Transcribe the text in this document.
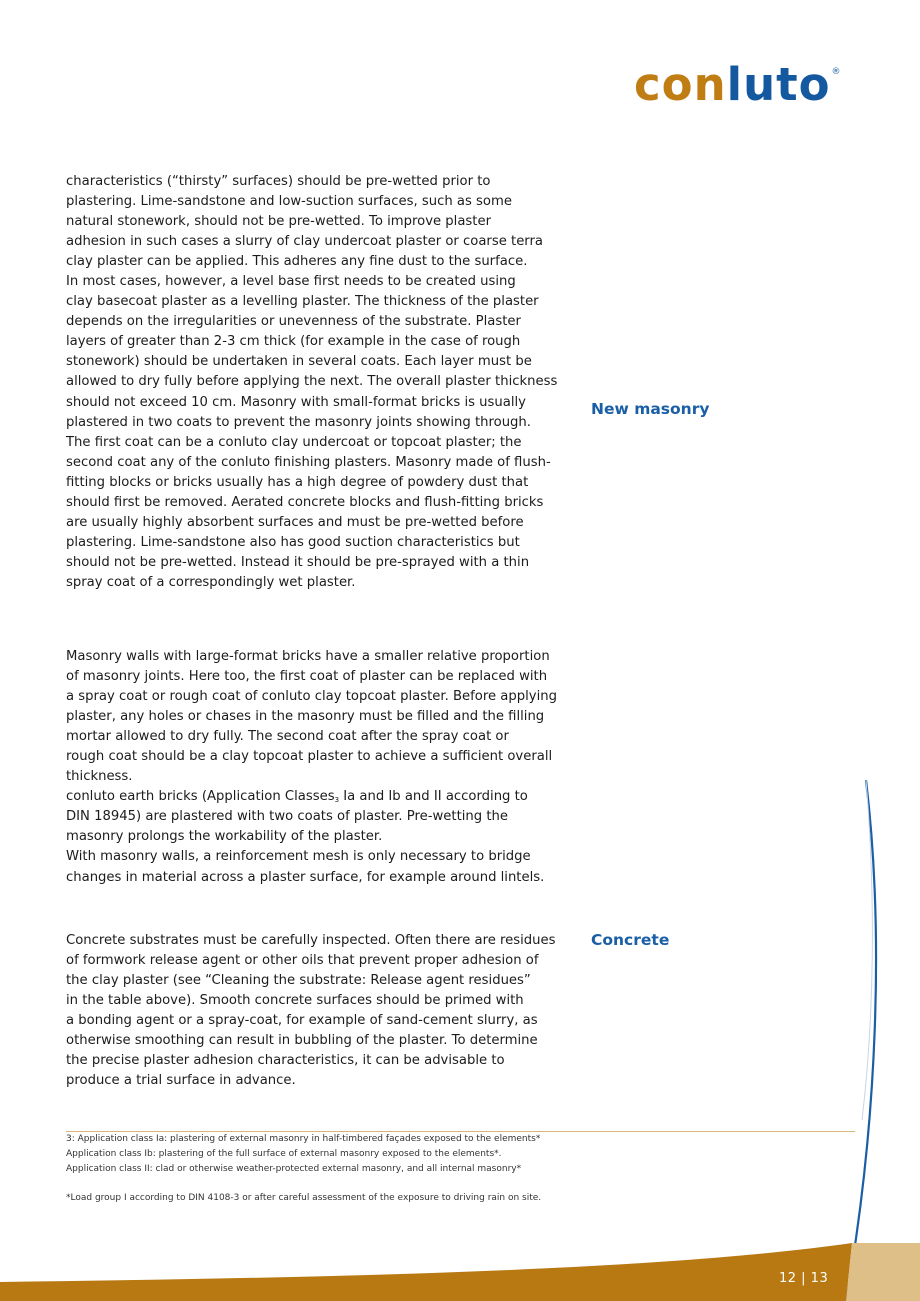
conluto®

characteristics (“thirsty” surfaces) should be pre-wetted prior to
plastering. Lime-sandstone and low-suction surfaces, such as some
natural stonework, should not be pre-wetted. To improve plaster
adhesion in such cases a slurry of clay undercoat plaster or coarse terra
clay plaster can be applied. This adheres any fine dust to the surface.
In most cases, however, a level base first needs to be created using
clay basecoat plaster as a levelling plaster. The thickness of the plaster
depends on the irregularities or unevenness of the substrate. Plaster
layers of greater than 2-3 cm thick (for example in the case of rough
stonework) should be undertaken in several coats. Each layer must be
allowed to dry fully before applying the next. The overall plaster thickness
should not exceed 10 cm. Masonry with small-format bricks is usually
plastered in two coats to prevent the masonry joints showing through.
The first coat can be a conluto clay undercoat or topcoat plaster; the
second coat any of the conluto finishing plasters. Masonry made of flush-
fitting blocks or bricks usually has a high degree of powdery dust that
should first be removed. Aerated concrete blocks and flush-fitting bricks
are usually highly absorbent surfaces and must be pre-wetted before
plastering. Lime-sandstone also has good suction characteristics but
should not be pre-wetted. Instead it should be pre-sprayed with a thin
spray coat of a correspondingly wet plaster.

New masonry

Masonry walls with large-format bricks have a smaller relative proportion
of masonry joints. Here too, the first coat of plaster can be replaced with
a spray coat or rough coat of conluto clay topcoat plaster. Before applying
plaster, any holes or chases in the masonry must be filled and the filling
mortar allowed to dry fully. The second coat after the spray coat or
rough coat should be a clay topcoat plaster to achieve a sufficient overall
thickness.
conluto earth bricks (Application Classes$^3$ Ia and Ib and II according to
DIN 18945) are plastered with two coats of plaster. Pre-wetting the
masonry prolongs the workability of the plaster.
With masonry walls, a reinforcement mesh is only necessary to bridge
changes in material across a plaster surface, for example around lintels.

Concrete substrates must be carefully inspected. Often there are residues
of formwork release agent or other oils that prevent proper adhesion of
the clay plaster (see “Cleaning the substrate: Release agent residues”
in the table above). Smooth concrete surfaces should be primed with
a bonding agent or a spray-coat, for example of sand-cement slurry, as
otherwise smoothing can result in bubbling of the plaster. To determine
the precise plaster adhesion characteristics, it can be advisable to
produce a trial surface in advance.

Concrete

3: Application class Ia: plastering of external masonry in half-timbered façades exposed to the elements*
Application class Ib: plastering of the full surface of external masonry exposed to the elements*.
Application class II: clad or otherwise weather-protected external masonry, and all internal masonry*

*Load group I according to DIN 4108-3 or after careful assessment of the exposure to driving rain on site.

12 | 13
